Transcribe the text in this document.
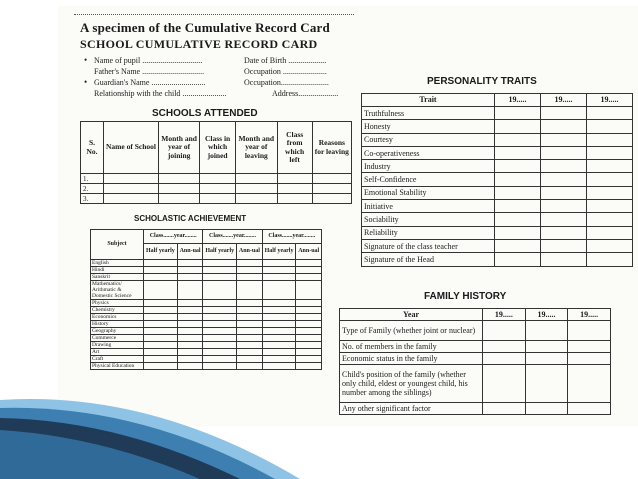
A specimen of the Cumulative Record Card
SCHOOL CUMULATIVE RECORD CARD
•
•
Name of pupil ..............................	Date of Birth ...................
Father's Name ...............................	Occupation ......................
Guardian's Name ...........................	Occupation........................
Relationship with the child ......................	Address....................
SCHOOLS ATTENDED
S. No.	Name of School	Month and year of joining	Class in which joined	Month and year of leaving	Class from which left	Reasons for leaving
1.						
2.						
3.						
SCHOLASTIC ACHIEVEMENT
Subject	Class.......year........		Class.......year........		Class.......year........	
	Half yearly	Ann-ual	Half yearly	Ann-ual	Half yearly	Ann-ual
English						
Hindi						
Sanskrit						
Mathematics/ Arithmatic & Domestic Science						
Physics						
Chemistry						
Economics						
History						
Geography						
Commerce						
Drawing						
Art						
Craft						
Physical Education						
PERSONALITY TRAITS
Trait	19.....	19.....	19.....
Truthfulness			
Honesty			
Courtesy			
Co-operativeness			
Industry			
Self-Confidence			
Emotional Stability			
Initiative			
Sociability			
Reliability			
Signature of the class teacher			
Signature of the Head			
FAMILY HISTORY
Year	19.....	19.....	19.....
Type of Family (whether joint or nuclear)			
No. of members in the family			
Economic status in the family			
Child's position of the family (whether only child, eldest or youngest child, his number among the siblings)			
Any other significant factor			
